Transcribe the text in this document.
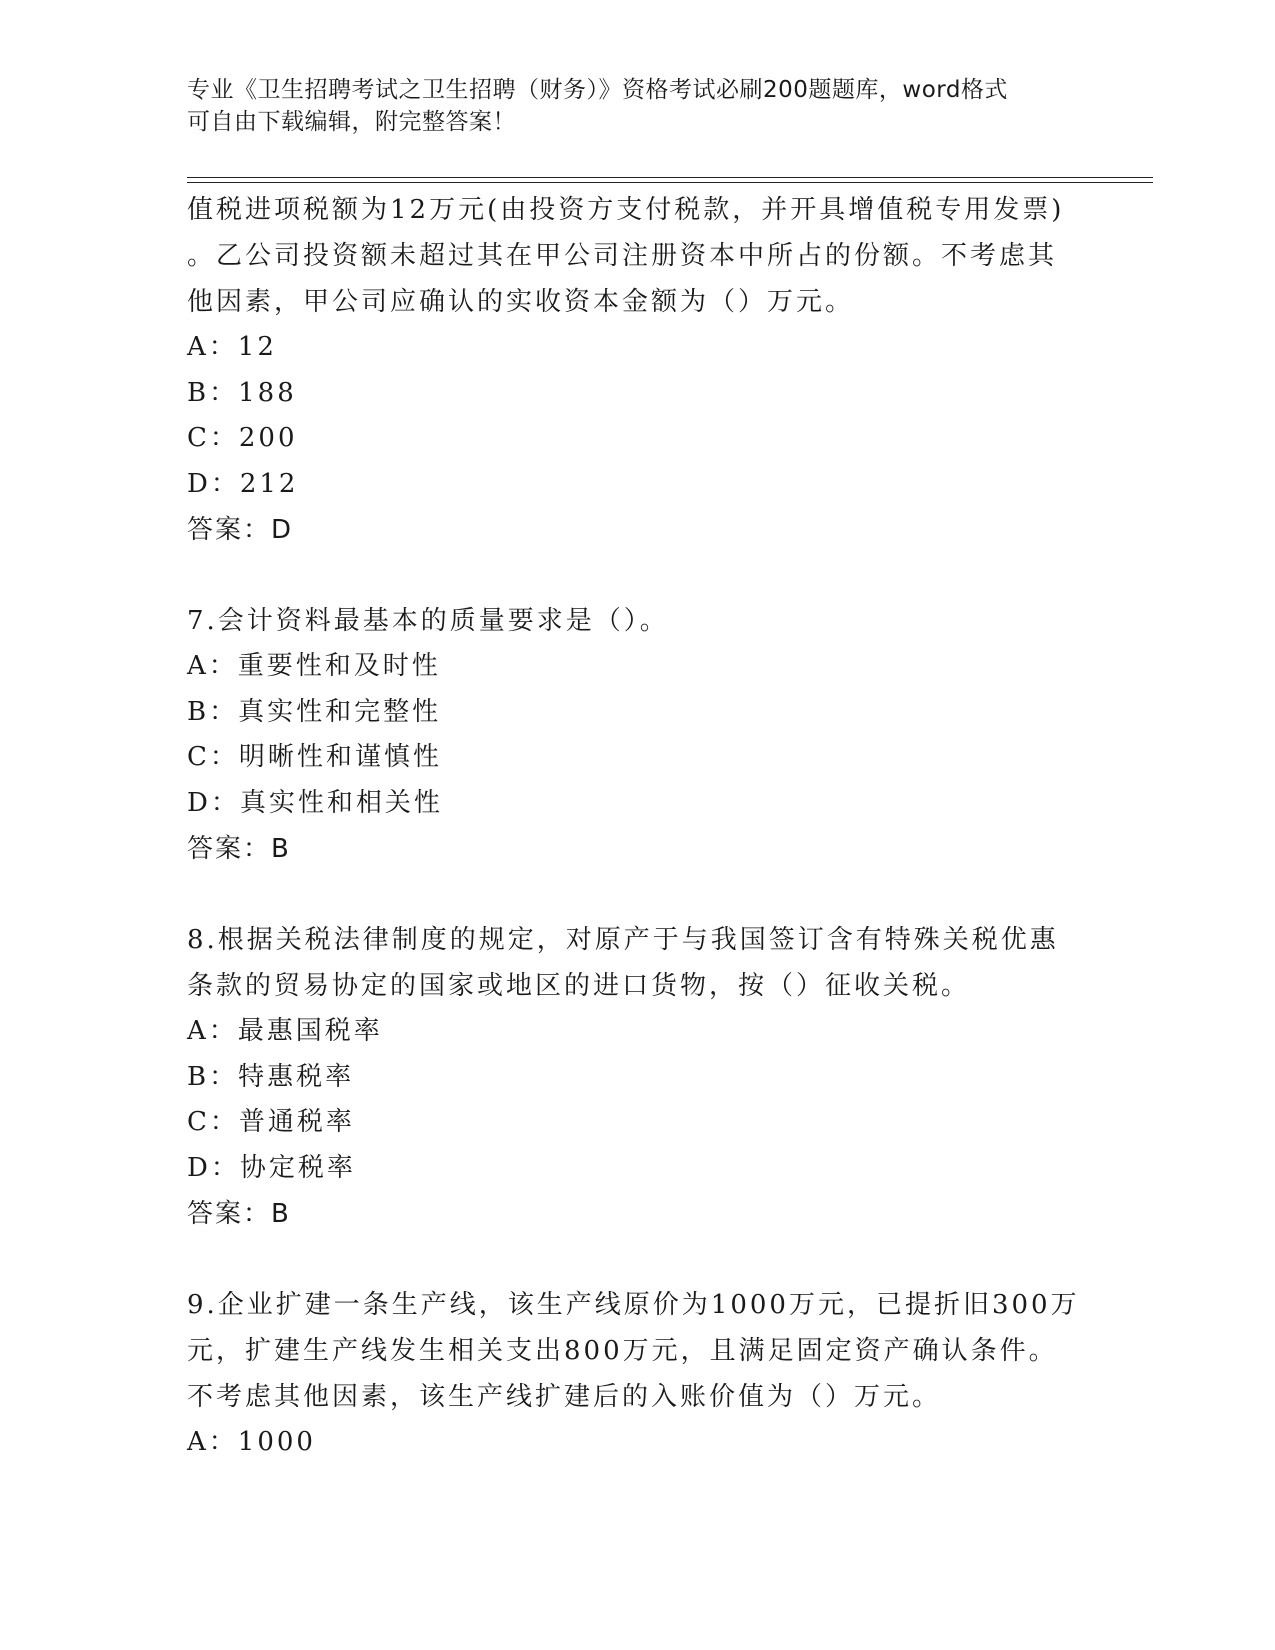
专业《卫生招聘考试之卫生招聘（财务）》资格考试必刷200题题库，word格式
可自由下载编辑，附完整答案！
值税进项税额为12万元(由投资方支付税款，并开具增值税专用发票)
。乙公司投资额未超过其在甲公司注册资本中所占的份额。不考虑其
他因素，甲公司应确认的实收资本金额为（）万元。
A：12
B：188
C：200
D：212
答案：D
7.会计资料最基本的质量要求是（）。
A：重要性和及时性
B：真实性和完整性
C：明晰性和谨慎性
D：真实性和相关性
答案：B
8.根据关税法律制度的规定，对原产于与我国签订含有特殊关税优惠
条款的贸易协定的国家或地区的进口货物，按（）征收关税。
A：最惠国税率
B：特惠税率
C：普通税率
D：协定税率
答案：B
9.企业扩建一条生产线，该生产线原价为1000万元，已提折旧300万
元，扩建生产线发生相关支出800万元，且满足固定资产确认条件。
不考虑其他因素，该生产线扩建后的入账价值为（）万元。
A：1000
